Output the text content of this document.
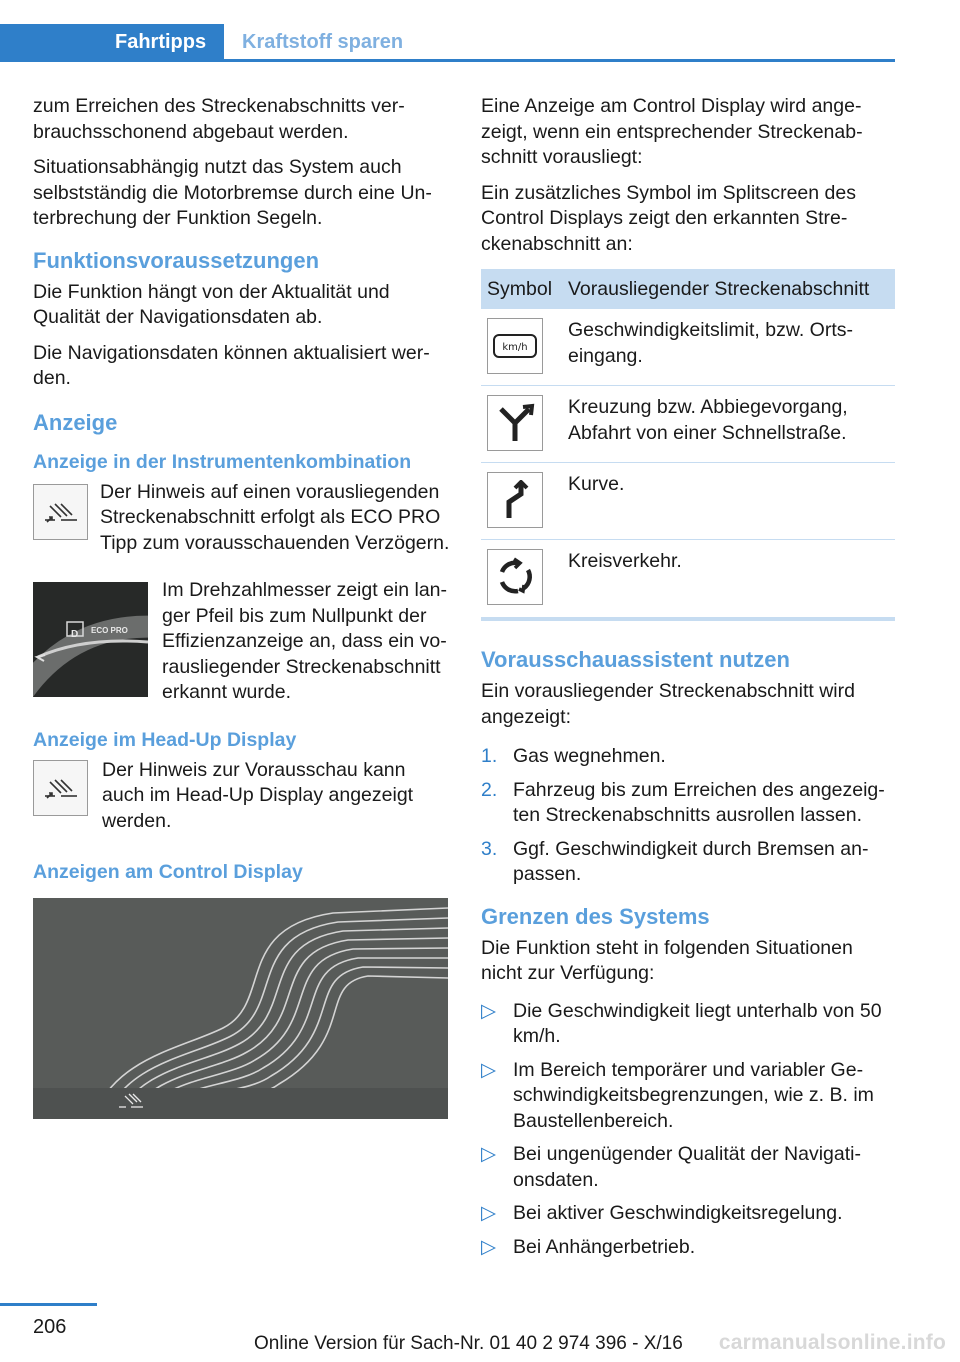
Fahrtipps	Kraftstoff sparen

zum Erreichen des Streckenabschnitts verbrauchsschonend abgebaut werden.

Situationsabhängig nutzt das System auch selbstständig die Motorbremse durch eine Unterbrechung der Funktion Segeln.

Funktionsvoraussetzungen

Die Funktion hängt von der Aktualität und Qualität der Navigationsdaten ab.

Die Navigationsdaten können aktualisiert werden.

Anzeige
Anzeige in der Instrumentenkombination
Der Hinweis auf einen vorausliegenden Streckenabschnitt erfolgt als ECO PRO Tipp zum vorausschauenden Verzögern.
D ECO PRO
Im Drehzahlmesser zeigt ein langer Pfeil bis zum Nullpunkt der Effizienzanzeige an, dass ein vorausliegender Streckenabschnitt erkannt wurde.
Anzeige im Head-Up Display
Der Hinweis zur Vorausschau kann auch im Head-Up Display angezeigt werden.
Anzeigen am Control Display

Eine Anzeige am Control Display wird angezeigt, wenn ein entsprechender Streckenabschnitt vorausliegt:

Ein zusätzliches Symbol im Splitscreen des Control Displays zeigt den erkannten Streckenabschnitt an:

Symbol Vorausliegender Streckenabschnitt
km/h
Geschwindigkeitslimit, bzw. Ortseingang.
Kreuzung bzw. Abbiegevorgang, Abfahrt von einer Schnellstraße.
Kurve.
Kreisverkehr.
Vorausschauassistent nutzen

Ein vorausliegender Streckenabschnitt wird angezeigt:

1. Gas wegnehmen.
2. Fahrzeug bis zum Erreichen des angezeigten Streckenabschnitts ausrollen lassen.
3. Ggf. Geschwindigkeit durch Bremsen anpassen.
Grenzen des Systems

Die Funktion steht in folgenden Situationen nicht zur Verfügung:

▷ Die Geschwindigkeit liegt unterhalb von 50 km/h.
▷ Im Bereich temporärer und variabler Geschwindigkeitsbegrenzungen, wie z. B. im Baustellenbereich.
▷ Bei ungenügender Qualität der Navigationsdaten.
▷ Bei aktiver Geschwindigkeitsregelung.
▷ Bei Anhängerbetrieb.
206
Online Version für Sach-Nr. 01 40 2 974 396 - X/16 carmanualsonline.info
